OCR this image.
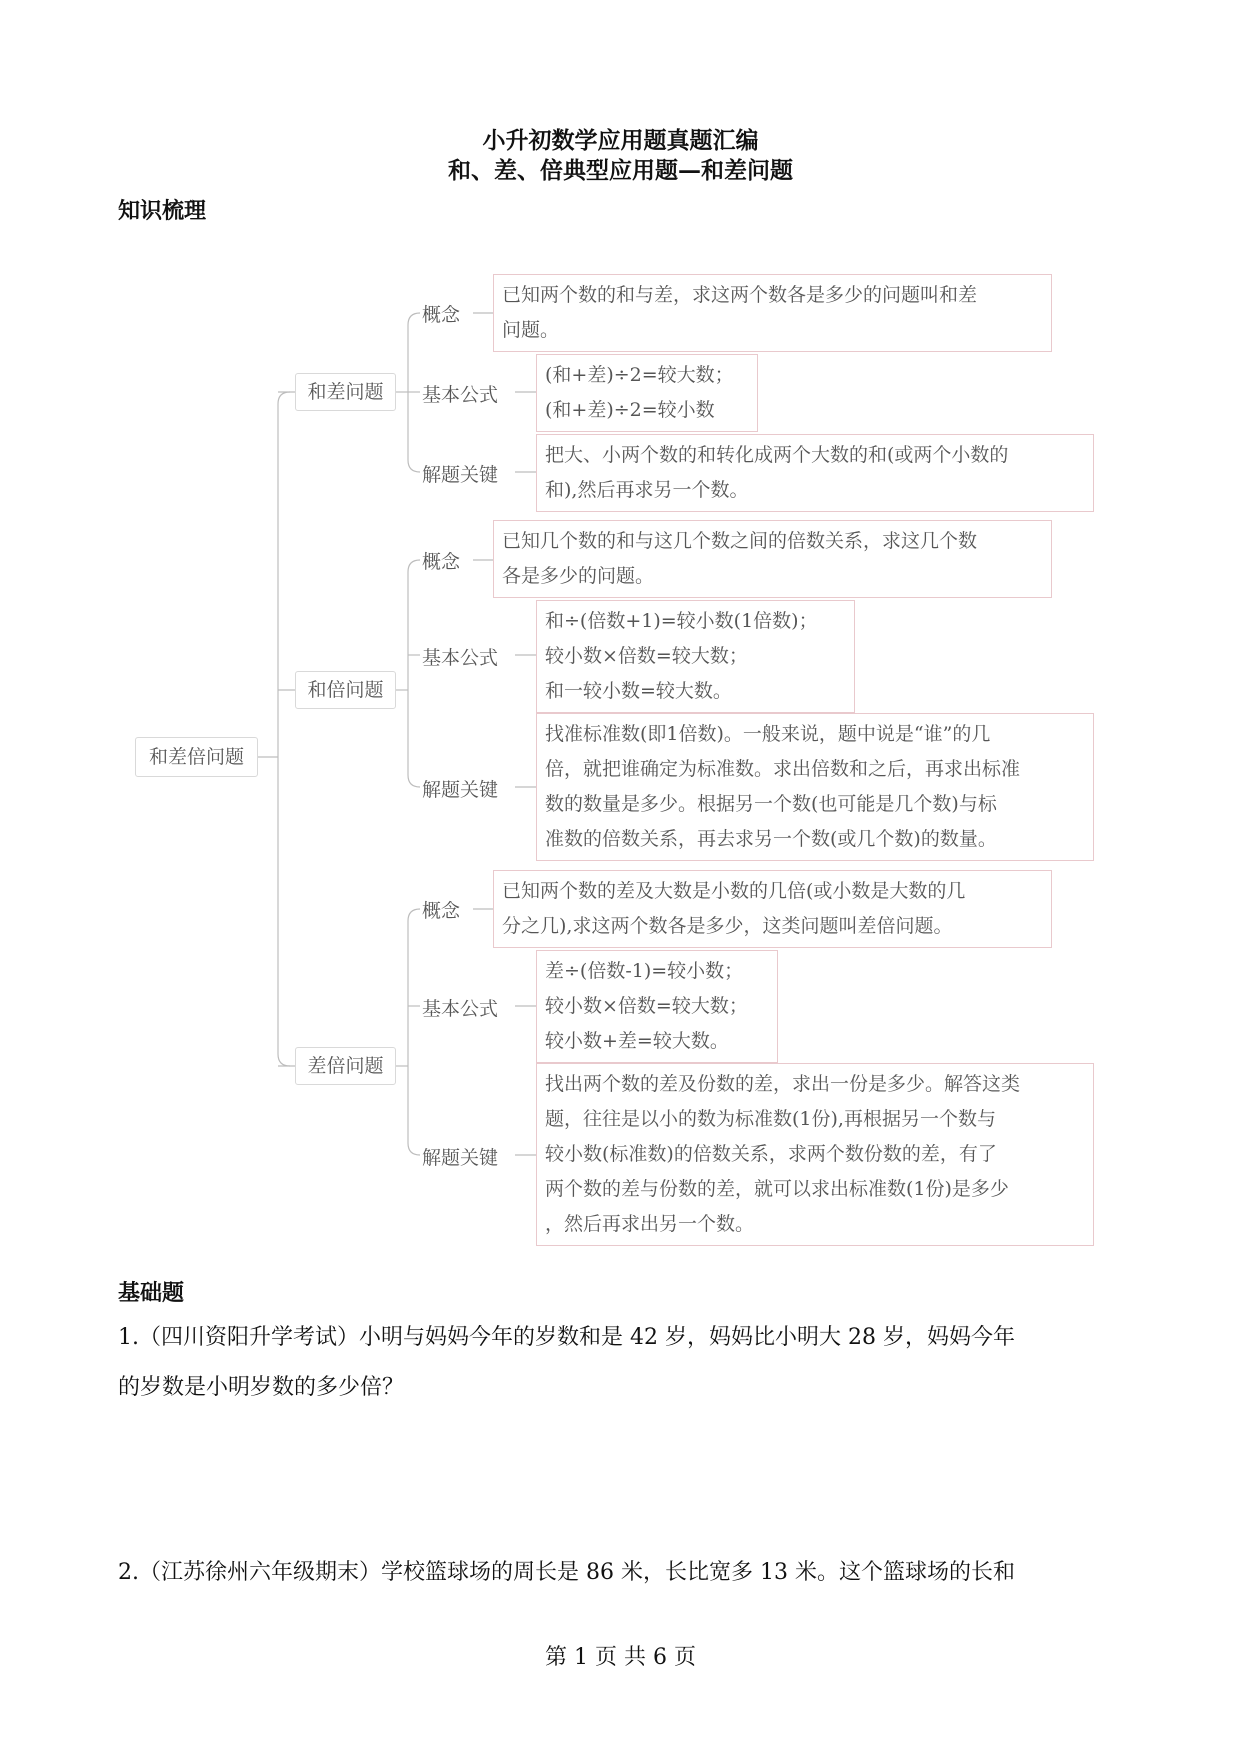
小升初数学应用题真题汇编
和、差、倍典型应用题—和差问题
知识梳理
和差倍问题
和差问题
和倍问题
差倍问题
概念
已知两个数的和与差，求这两个数各是多少的问题叫和差
问题。
基本公式
(和+差)÷2=较大数；
(和+差)÷2=较小数
解题关键
把大、小两个数的和转化成两个大数的和(或两个小数的
和),然后再求另一个数。
概念
已知几个数的和与这几个数之间的倍数关系，求这几个数
各是多少的问题。
基本公式
和÷(倍数+1)=较小数(1倍数)；
较小数×倍数=较大数；
和一较小数=较大数。
解题关键
找准标准数(即1倍数)。一般来说，题中说是“谁”的几
倍，就把谁确定为标准数。求出倍数和之后，再求出标准
数的数量是多少。根据另一个数(也可能是几个数)与标
准数的倍数关系，再去求另一个数(或几个数)的数量。
概念
已知两个数的差及大数是小数的几倍(或小数是大数的几
分之几),求这两个数各是多少，这类问题叫差倍问题。
基本公式
差÷(倍数-1)=较小数；
较小数×倍数=较大数；
较小数+差=较大数。
解题关键
找出两个数的差及份数的差，求出一份是多少。解答这类
题，往往是以小的数为标准数(1份),再根据另一个数与
较小数(标准数)的倍数关系，求两个数份数的差，有了
两个数的差与份数的差，就可以求出标准数(1份)是多少
，然后再求出另一个数。
基础题
1.（四川资阳升学考试）小明与妈妈今年的岁数和是 42 岁，妈妈比小明大 28 岁，妈妈今年
的岁数是小明岁数的多少倍？
2.（江苏徐州六年级期末）学校篮球场的周长是 86 米，长比宽多 13 米。这个篮球场的长和
第 1 页 共 6 页
